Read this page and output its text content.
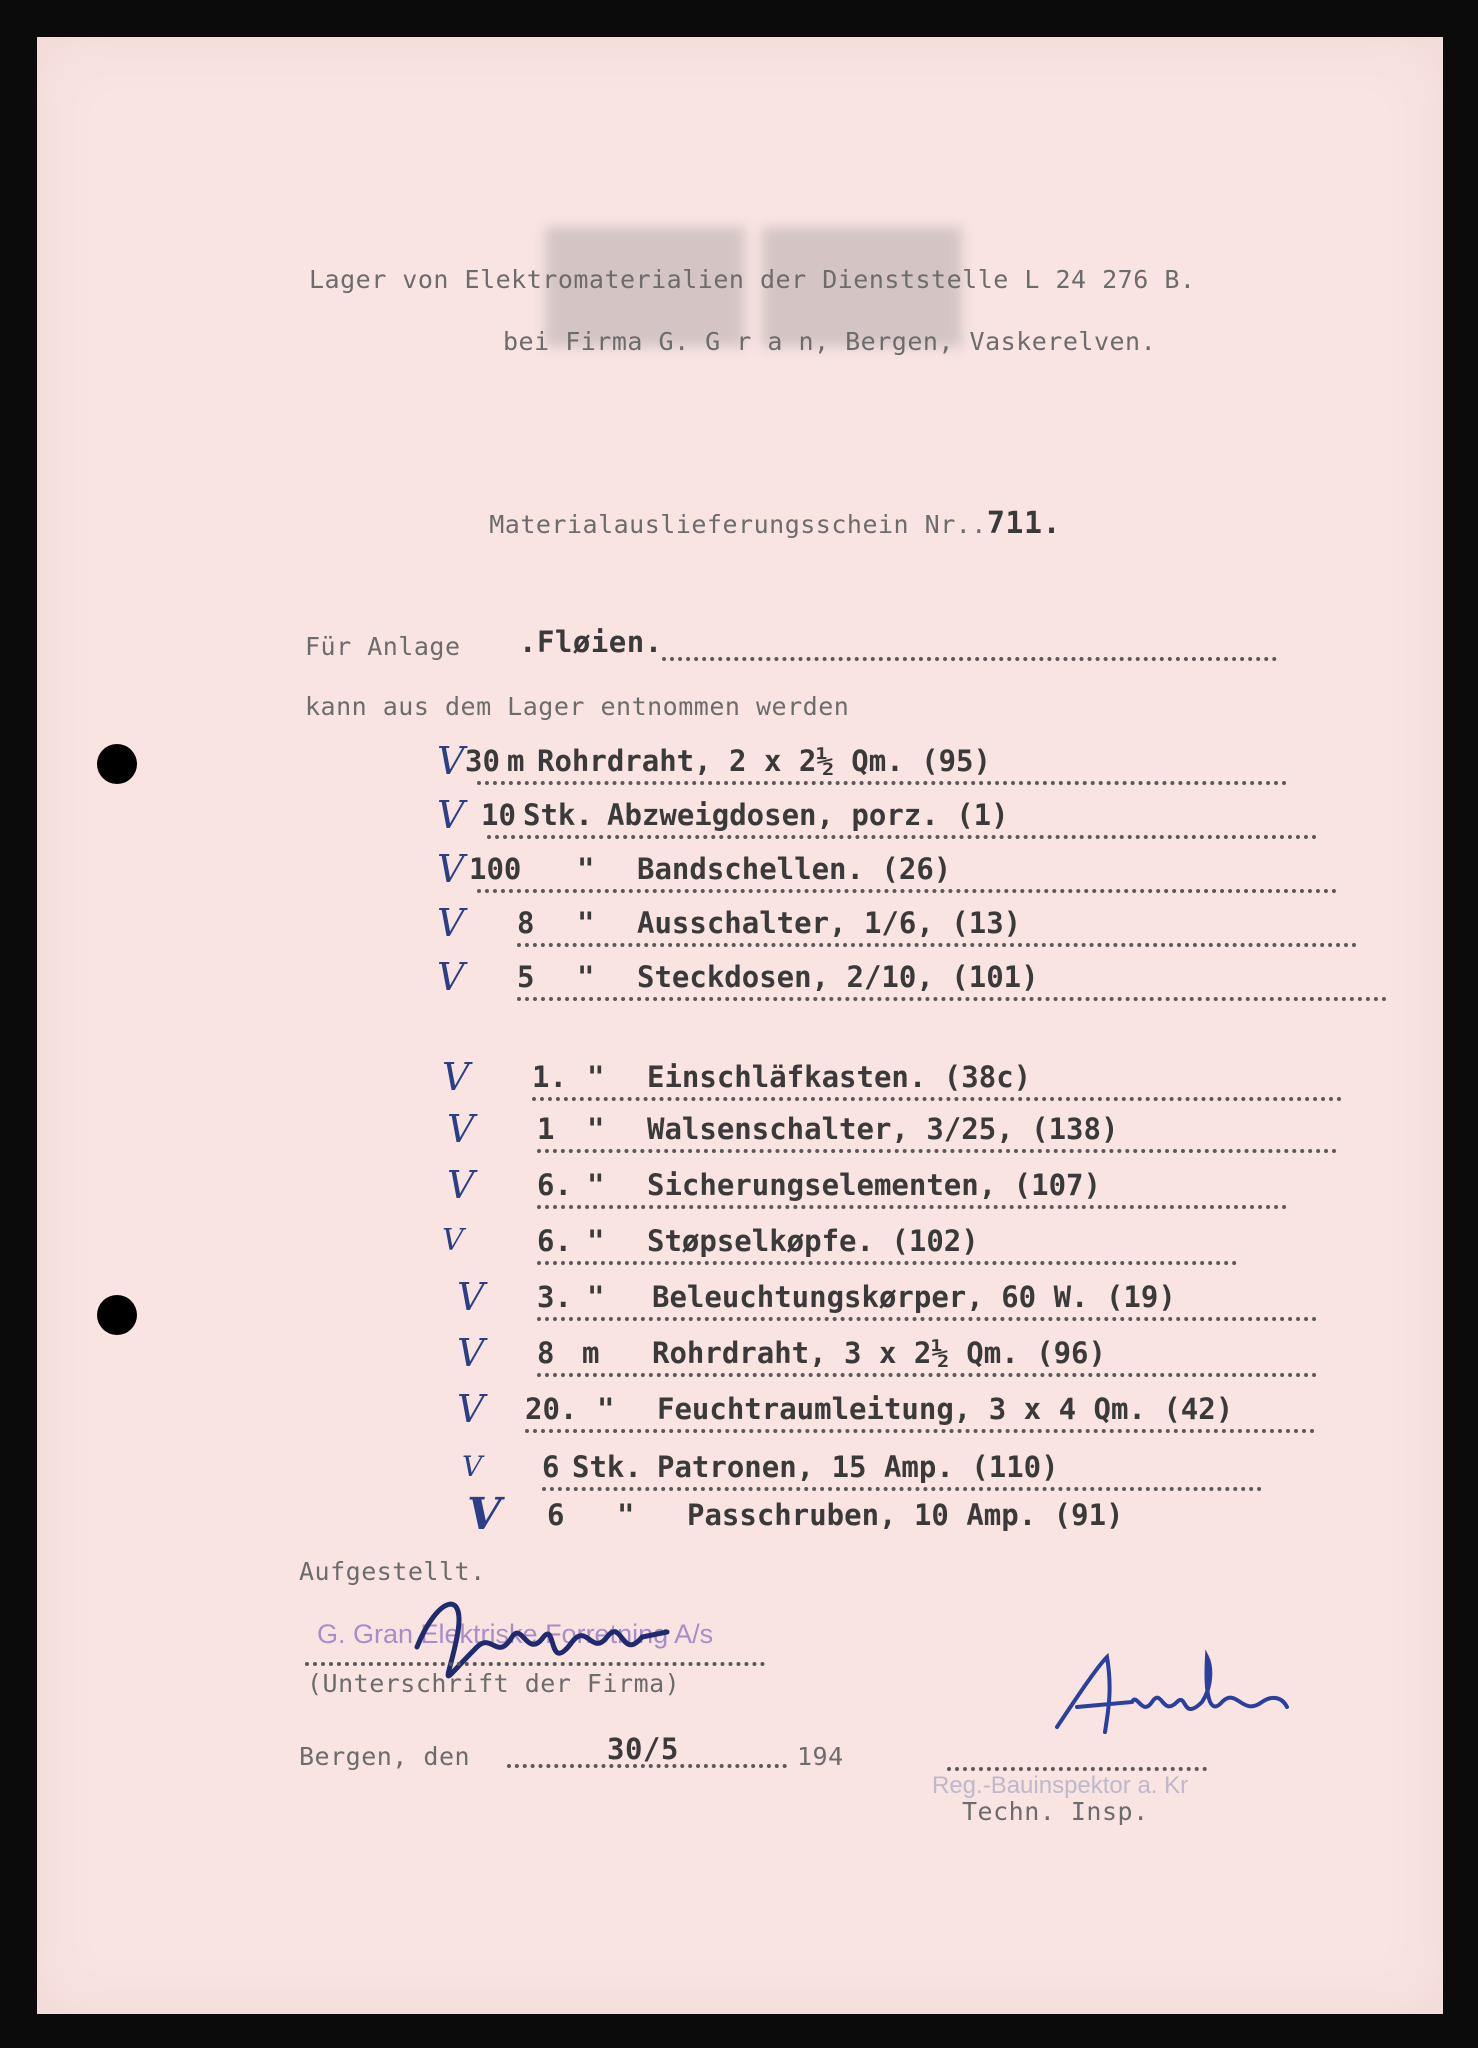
Lager von Elektromaterialien der Dienststelle L 24 276 B.
bei Firma G. G r a n, Bergen, Vaskerelven.

Materialauslieferungsschein Nr..711.

Für Anlage .Fløien.
kann aus dem Lager entnommen werden
V 30 m Rohrdraht, 2 x 2½ Qm. (95)
V 10 Stk. Abzweigdosen, porz. (1)
V 100 " Bandschellen. (26)
V 8 " Ausschalter, 1/6, (13)
V 5 " Steckdosen, 2/10, (101)
V 1. " Einschläfkasten. (38c)
V 1 " Walsenschalter, 3/25, (138)
V 6. " Sicherungselementen, (107)
V	6. " Støpselkøpfe. (102)
V 3. " Beleuchtungskørper, 60 W. (19)
V 8 m Rohrdraht, 3 x 2½ Qm. (96)
V 20. " Feuchtraumleitung, 3 x 4 Qm. (42)
V 6 Stk. Patronen, 15 Amp. (110)
V 6 " Passchruben, 10 Amp. (91)
Aufgestellt.
G. Gran Elektriske Forretning A/s
(Unterschrift der Firma)
Bergen, den	30/5	194
Reg.-Bauinspektor a. Kr
Techn. Insp.
